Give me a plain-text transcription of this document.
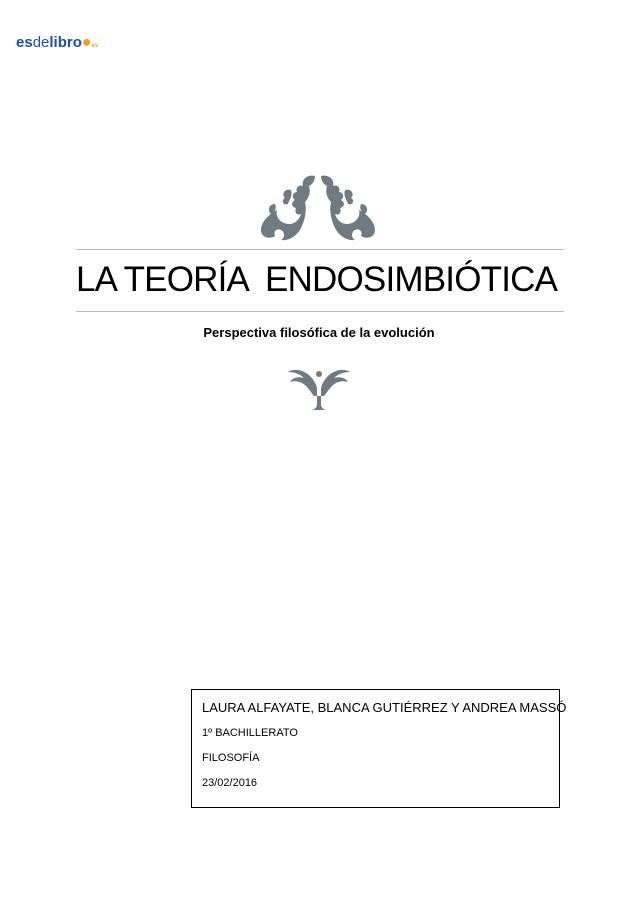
esdelibro●es
LA TEORÍA  ENDOSIMBIÓTICA
Perspectiva filosófica de la evolución
LAURA ALFAYATE, BLANCA GUTIÉRREZ Y ANDREA MASSÓ
1º BACHILLERATO
FILOSOFÍA
23/02/2016
